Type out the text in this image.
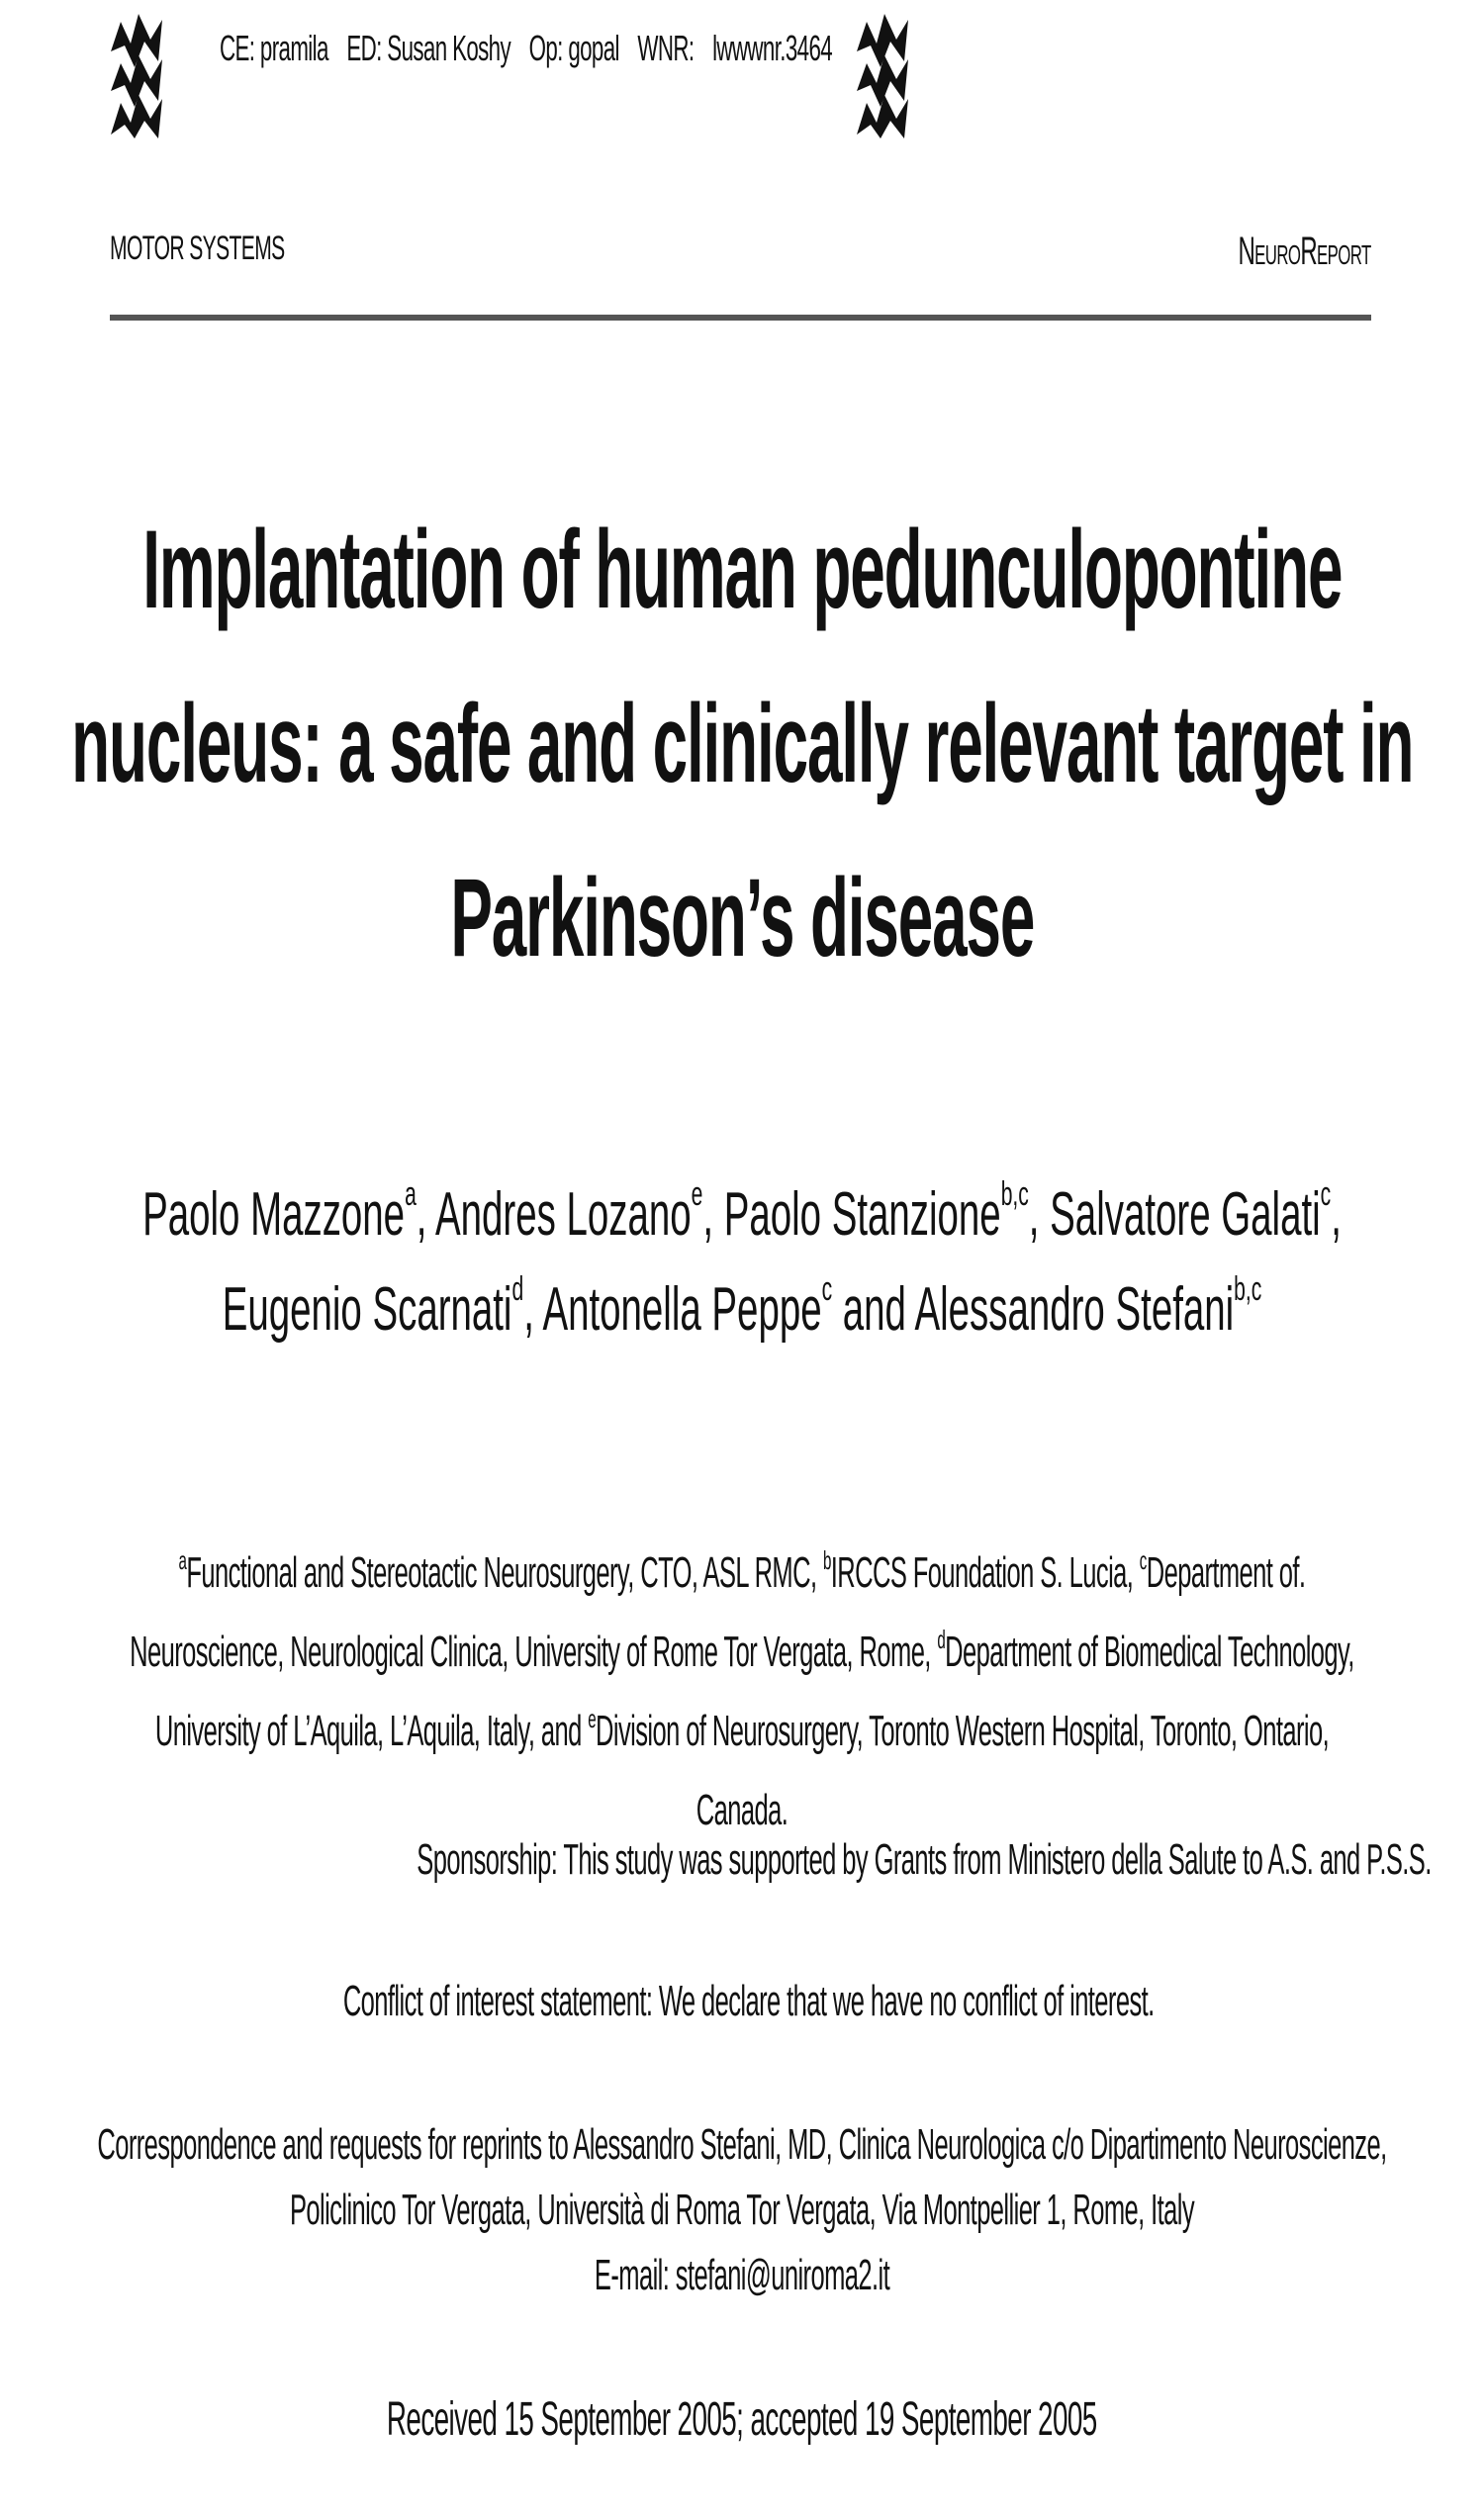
CE: pramila ED: Susan Koshy Op: gopal WNR: lwwwnr.3464
MOTOR SYSTEMS	NeuroReport
Implantation of human pedunculopontine nucleus: a safe and clinically relevant target in Parkinson’s disease
Paolo Mazzone$^a$, Andres Lozano$^e$, Paolo Stanzione$^{b,c}$, Salvatore Galati$^c$, Eugenio Scarnati$^d$, Antonella Peppe$^c$ and Alessandro Stefani$^{b,c}$
$^a$Functional and Stereotactic Neurosurgery, CTO, ASL RMC, $^b$IRCCS Foundation S. Lucia, $^c$Department of. Neuroscience, Neurological Clinica, University of Rome Tor Vergata, Rome, $^d$Department of Biomedical Technology, University of L’Aquila, L’Aquila, Italy, and $^e$Division of Neurosurgery, Toronto Western Hospital, Toronto, Ontario, Canada.
Sponsorship: This study was supported by Grants from Ministero della Salute to A.S. and P.S.S.
Conflict of interest statement: We declare that we have no conflict of interest.
Correspondence and requests for reprints to Alessandro Stefani, MD, Clinica Neurologica c/o Dipartimento Neuroscienze, Policlinico Tor Vergata, Università di Roma Tor Vergata, Via Montpellier 1, Rome, Italy
E-mail: stefani@uniroma2.it
Received 15 September 2005; accepted 19 September 2005
